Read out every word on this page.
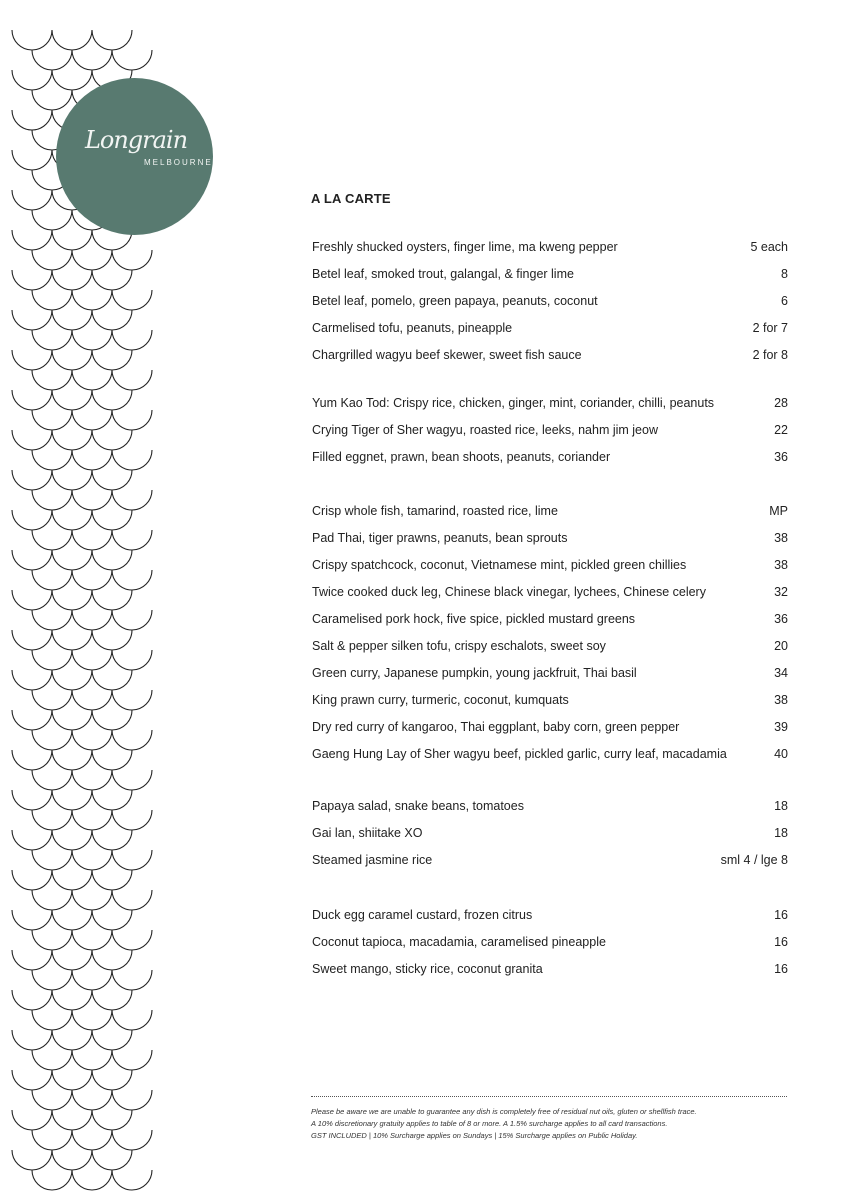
Longrain
MELBOURNE
A LA CARTE
Freshly shucked oysters, finger lime, ma kweng pepper	5 each
Betel leaf, smoked trout, galangal, & finger lime	8
Betel leaf, pomelo, green papaya, peanuts, coconut	6
Carmelised tofu, peanuts, pineapple	2 for 7
Chargrilled wagyu beef skewer, sweet fish sauce	2 for 8
Yum Kao Tod: Crispy rice, chicken, ginger, mint, coriander, chilli, peanuts	28
Crying Tiger of Sher wagyu, roasted rice, leeks, nahm jim jeow	22
Filled eggnet, prawn, bean shoots, peanuts, coriander	36
Crisp whole fish, tamarind, roasted rice, lime	MP
Pad Thai, tiger prawns, peanuts, bean sprouts	38
Crispy spatchcock, coconut, Vietnamese mint, pickled green chillies	38
Twice cooked duck leg, Chinese black vinegar, lychees, Chinese celery	32
Caramelised pork hock, five spice, pickled mustard greens	36
Salt & pepper silken tofu, crispy eschalots, sweet soy	20
Green curry, Japanese pumpkin, young jackfruit, Thai basil	34
King prawn curry, turmeric, coconut, kumquats	38
Dry red curry of kangaroo, Thai eggplant, baby corn, green pepper	39
Gaeng Hung Lay of Sher wagyu beef, pickled garlic, curry leaf, macadamia	40
Papaya salad, snake beans, tomatoes	18
Gai lan, shiitake XO	18
Steamed jasmine rice	sml 4 / lge 8
Duck egg caramel custard, frozen citrus	16
Coconut tapioca, macadamia, caramelised pineapple	16
Sweet mango, sticky rice, coconut granita	16
Please be aware we are unable to guarantee any dish is completely free of residual nut oils, gluten or shellfish trace.
A 10% discretionary gratuity applies to table of 8 or more. A 1.5% surcharge applies to all card transactions.
GST INCLUDED | 10% Surcharge applies on Sundays | 15% Surcharge applies on Public Holiday.
